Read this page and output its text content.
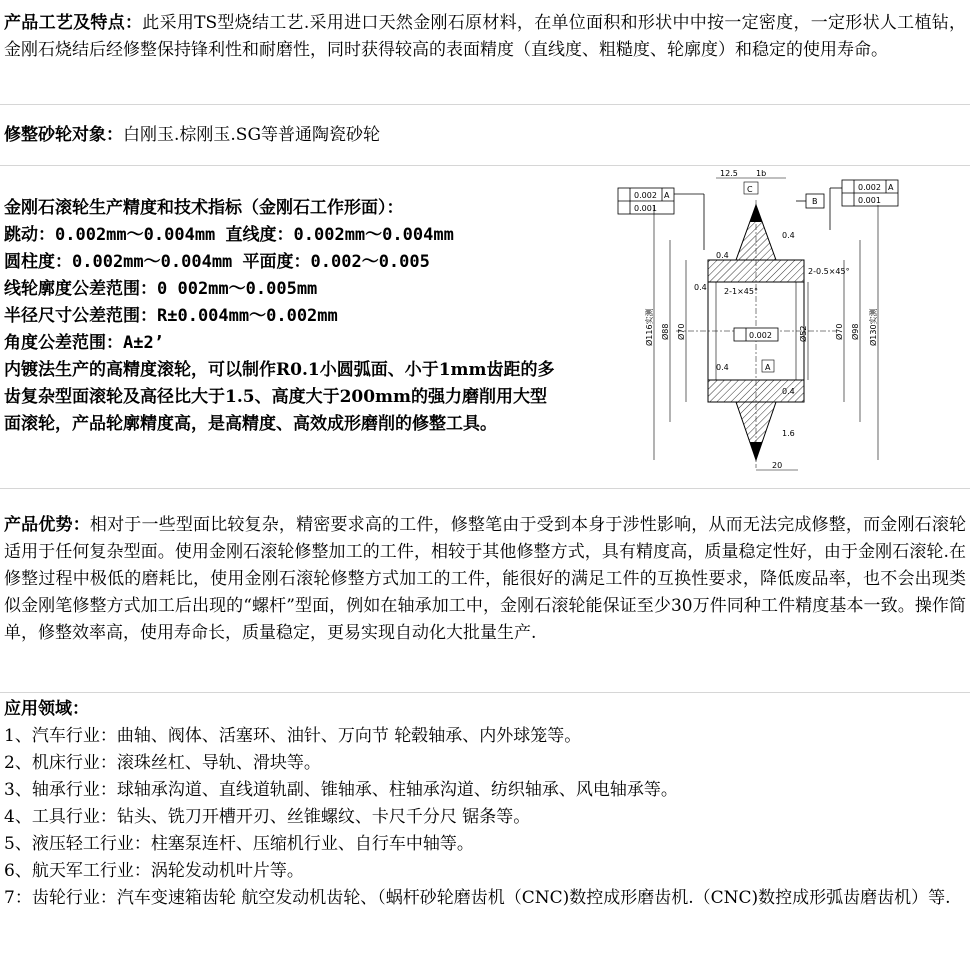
产品工艺及特点：此采用TS型烧结工艺.采用进口天然金刚石原材料，在单位面积和形状中中按一定密度，一定形状人工植钻，金刚石烧结后经修整保持锋利性和耐磨性，同时获得较高的表面精度（直线度、粗糙度、轮廓度）和稳定的使用寿命。

修整砂轮对象：白刚玉.棕刚玉.SG等普通陶瓷砂轮

金刚石滚轮生产精度和技术指标（金刚石工作形面）：
跳动：0.002mm～0.004mm 直线度：0.002mm～0.004mm
圆柱度：0.002mm～0.004mm 平面度：0.002～0.005
线轮廓度公差范围：0 002mm～0.005mm
半径尺寸公差范围：R±0.004mm～0.002mm
角度公差范围：A±2’

内镀法生产的高精度滚轮，可以制作R0.1小圆弧面、小于1mm齿距的多齿复杂型面滚轮及高径比大于1.5、高度大于200mm的强力磨削用大型面滚轮，产品轮廓精度高，是高精度、高效成形磨削的修整工具。

0.002 A
0.001
0.002 A
0.001
B
12.5 1b
C
0.002
A
2-1×45°
2-0.5×45°
0.4
0.4
0.4
0.4
0.4
1.6
20
Ø116实测 Ø88 Ø70	Ø52	Ø70 Ø98 Ø130实测

产品优势：相对于一些型面比较复杂，精密要求高的工件，修整笔由于受到本身于涉性影响，从而无法完成修整，而金刚石滚轮适用于任何复杂型面。使用金刚石滚轮修整加工的工件，相较于其他修整方式，具有精度高，质量稳定性好，由于金刚石滚轮.在修整过程中极低的磨耗比，使用金刚石滚轮修整方式加工的工件，能很好的满足工件的互换性要求，降低废品率，也不会出现类似金刚笔修整方式加工后出现的“螺杆”型面，例如在轴承加工中，金刚石滚轮能保证至少30万件同种工件精度基本一致。操作简单，修整效率高，使用寿命长，质量稳定，更易实现自动化大批量生产.

应用领域：
1、汽车行业：曲轴、阀体、活塞环、油针、万向节 轮毂轴承、内外球笼等。
2、机床行业：滚珠丝杠、导轨、滑块等。
3、轴承行业：球轴承沟道、直线道轨副、锥轴承、柱轴承沟道、纺织轴承、风电轴承等。
4、工具行业：钻头、铣刀开槽开刃、丝锥螺纹、卡尺千分尺 锯条等。
5、液压轻工行业：柱塞泵连杆、压缩机行业、自行车中轴等。
6、航天军工行业：涡轮发动机叶片等。
7：齿轮行业：汽车变速箱齿轮 航空发动机齿轮、（蜗杆砂轮磨齿机（CNC)数控成形磨齿机.（CNC)数控成形弧齿磨齿机）等.
